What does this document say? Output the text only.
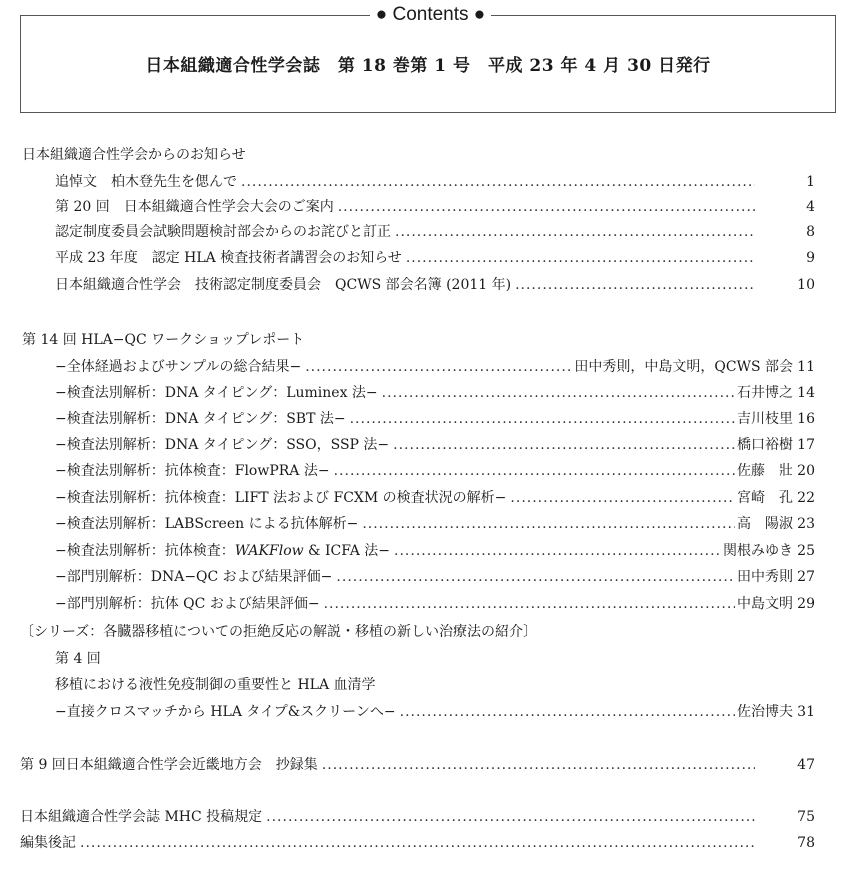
● Contents ●
日本組織適合性学会誌　第 18 巻第 1 号　平成 23 年 4 月 30 日発行
日本組織適合性学会からのお知らせ
追悼文　柏木登先生を偲んで .....	1
第 20 回　日本組織適合性学会大会のご案内 .....	4
認定制度委員会試験問題検討部会からのお詫びと訂正 .....	8
平成 23 年度　認定 HLA 検査技術者講習会のお知らせ .....	9
日本組織適合性学会　技術認定制度委員会　QCWS 部会名簿 (2011 年) .....	10
第 14 回 HLA−QC ワークショップレポート
−全体経過およびサンプルの総合結果− .....	田中秀則，中島文明，QCWS 部会 11
−検査法別解析：DNA タイピング：Luminex 法− .....	石井博之 14
−検査法別解析：DNA タイピング：SBT 法− .....	吉川枝里 16
−検査法別解析：DNA タイピング：SSO，SSP 法− .....	橋口裕樹 17
−検査法別解析：抗体検査：FlowPRA 法− .....	佐藤　壯 20
−検査法別解析：抗体検査：LIFT 法および FCXM の検査状況の解析− .....	宮崎　孔 22
−検査法別解析：LABScreen による抗体解析− .....	高　陽淑 23
−検査法別解析：抗体検査：WAKFlow & ICFA 法− .....	関根みゆき 25
−部門別解析：DNA−QC および結果評価− .....	田中秀則 27
−部門別解析：抗体 QC および結果評価− .....	中島文明 29
〔シリーズ：各臓器移植についての拒絶反応の解説・移植の新しい治療法の紹介〕
第 4 回
移植における液性免疫制御の重要性と HLA 血清学
−直接クロスマッチから HLA タイプ&スクリーンへ− .....	佐治博夫 31
第 9 回日本組織適合性学会近畿地方会　抄録集 .....	47
日本組織適合性学会誌 MHC 投稿規定 .....	75
編集後記 .....	78
